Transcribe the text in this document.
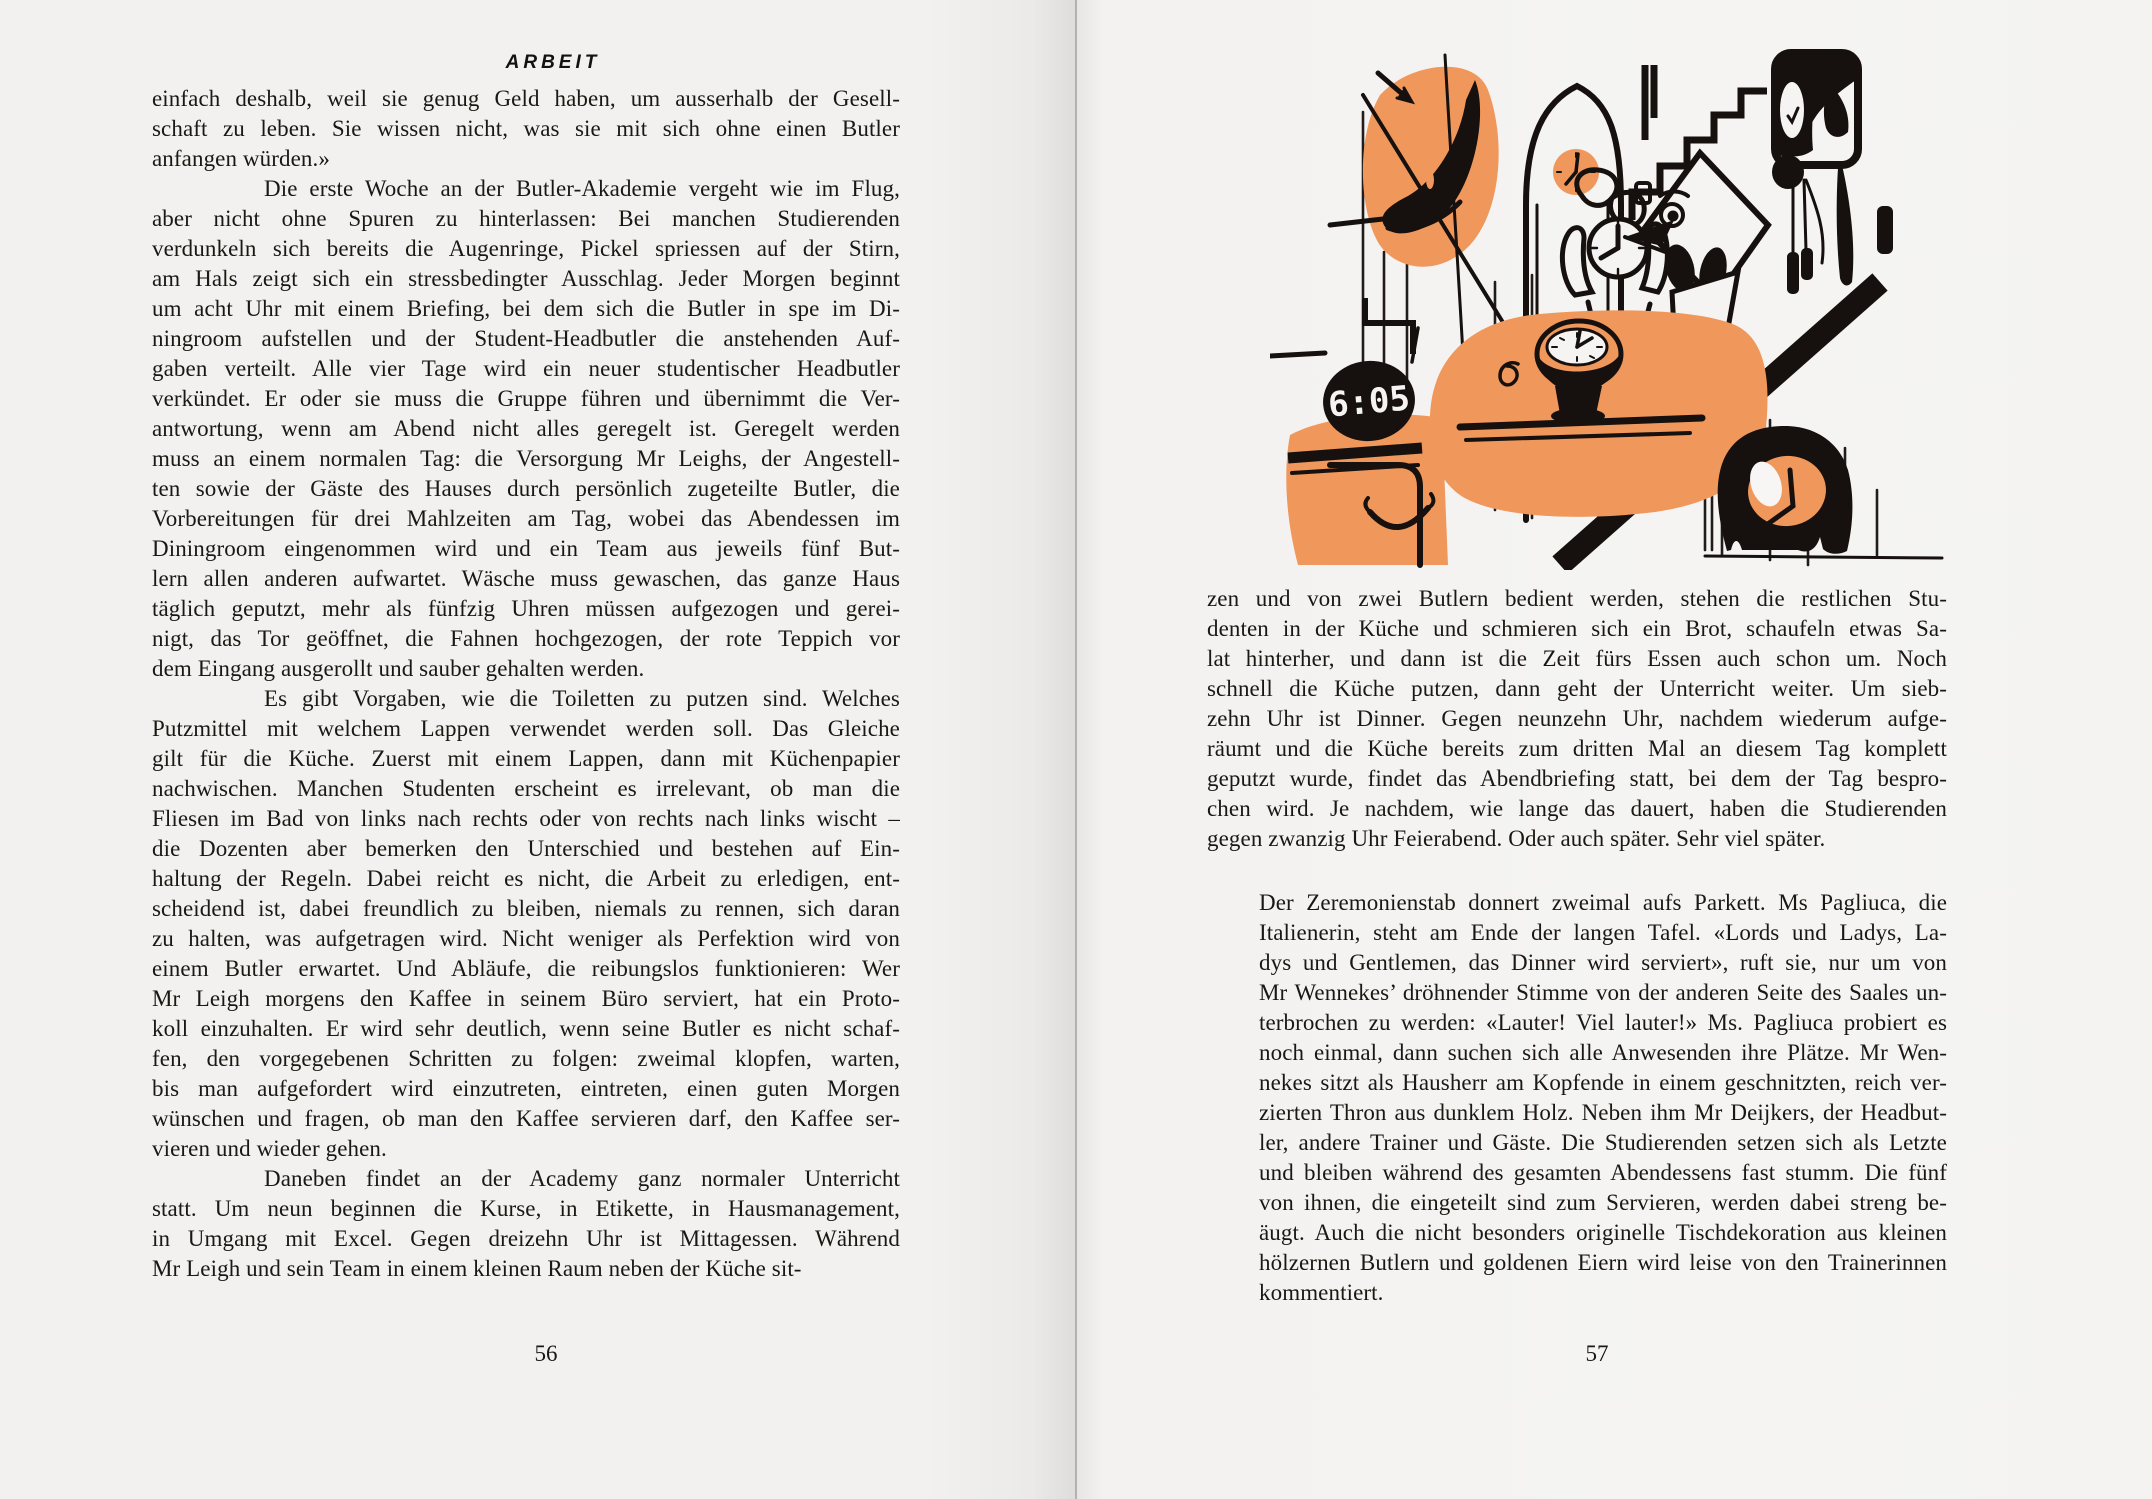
ARBEIT
einfach deshalb, weil sie genug Geld haben, um ausserhalb der Gesell-
schaft zu leben. Sie wissen nicht, was sie mit sich ohne einen Butler
anfangen würden.»
Die erste Woche an der Butler-Akademie vergeht wie im Flug,
aber nicht ohne Spuren zu hinterlassen: Bei manchen Studierenden
verdunkeln sich bereits die Augenringe, Pickel spriessen auf der Stirn,
am Hals zeigt sich ein stressbedingter Ausschlag. Jeder Morgen beginnt
um acht Uhr mit einem Briefing, bei dem sich die Butler in spe im Di-
ningroom aufstellen und der Student-Headbutler die anstehenden Auf-
gaben verteilt. Alle vier Tage wird ein neuer studentischer Headbutler
verkündet. Er oder sie muss die Gruppe führen und übernimmt die Ver-
antwortung, wenn am Abend nicht alles geregelt ist. Geregelt werden
muss an einem normalen Tag: die Versorgung Mr Leighs, der Angestell-
ten sowie der Gäste des Hauses durch persönlich zugeteilte Butler, die
Vorbereitungen für drei Mahlzeiten am Tag, wobei das Abendessen im
Diningroom eingenommen wird und ein Team aus jeweils fünf But-
lern allen anderen aufwartet. Wäsche muss gewaschen, das ganze Haus
täglich geputzt, mehr als fünfzig Uhren müssen aufgezogen und gerei-
nigt, das Tor geöffnet, die Fahnen hochgezogen, der rote Teppich vor
dem Eingang ausgerollt und sauber gehalten werden.
Es gibt Vorgaben, wie die Toiletten zu putzen sind. Welches
Putzmittel mit welchem Lappen verwendet werden soll. Das Gleiche
gilt für die Küche. Zuerst mit einem Lappen, dann mit Küchenpapier
nachwischen. Manchen Studenten erscheint es irrelevant, ob man die
Fliesen im Bad von links nach rechts oder von rechts nach links wischt –
die Dozenten aber bemerken den Unterschied und bestehen auf Ein-
haltung der Regeln. Dabei reicht es nicht, die Arbeit zu erledigen, ent-
scheidend ist, dabei freundlich zu bleiben, niemals zu rennen, sich daran
zu halten, was aufgetragen wird. Nicht weniger als Perfektion wird von
einem Butler erwartet. Und Abläufe, die reibungslos funktionieren: Wer
Mr Leigh morgens den Kaffee in seinem Büro serviert, hat ein Proto-
koll einzuhalten. Er wird sehr deutlich, wenn seine Butler es nicht schaf-
fen, den vorgegebenen Schritten zu folgen: zweimal klopfen, warten,
bis man aufgefordert wird einzutreten, eintreten, einen guten Morgen
wünschen und fragen, ob man den Kaffee servieren darf, den Kaffee ser-
vieren und wieder gehen.
Daneben findet an der Academy ganz normaler Unterricht
statt. Um neun beginnen die Kurse, in Etikette, in Hausmanagement,
in Umgang mit Excel. Gegen dreizehn Uhr ist Mittagessen. Während
Mr Leigh und sein Team in einem kleinen Raum neben der Küche sit-
6:05
zen und von zwei Butlern bedient werden, stehen die restlichen Stu-
denten in der Küche und schmieren sich ein Brot, schaufeln etwas Sa-
lat hinterher, und dann ist die Zeit fürs Essen auch schon um. Noch
schnell die Küche putzen, dann geht der Unterricht weiter. Um sieb-
zehn Uhr ist Dinner. Gegen neunzehn Uhr, nachdem wiederum aufge-
räumt und die Küche bereits zum dritten Mal an diesem Tag komplett
geputzt wurde, findet das Abendbriefing statt, bei dem der Tag bespro-
chen wird. Je nachdem, wie lange das dauert, haben die Studierenden
gegen zwanzig Uhr Feierabend. Oder auch später. Sehr viel später.
Der Zeremonienstab donnert zweimal aufs Parkett. Ms Pagliuca, die
Italienerin, steht am Ende der langen Tafel. «Lords und Ladys, La-
dys und Gentlemen, das Dinner wird serviert», ruft sie, nur um von
Mr Wennekes’ dröhnender Stimme von der anderen Seite des Saales un-
terbrochen zu werden: «Lauter! Viel lauter!» Ms. Pagliuca probiert es
noch einmal, dann suchen sich alle Anwesenden ihre Plätze. Mr Wen-
nekes sitzt als Hausherr am Kopfende in einem geschnitzten, reich ver-
zierten Thron aus dunklem Holz. Neben ihm Mr Deijkers, der Headbut-
ler, andere Trainer und Gäste. Die Studierenden setzen sich als Letzte
und bleiben während des gesamten Abendessens fast stumm. Die fünf
von ihnen, die eingeteilt sind zum Servieren, werden dabei streng be-
äugt. Auch die nicht besonders originelle Tischdekoration aus kleinen
hölzernen Butlern und goldenen Eiern wird leise von den Trainerinnen
kommentiert.
56	57
